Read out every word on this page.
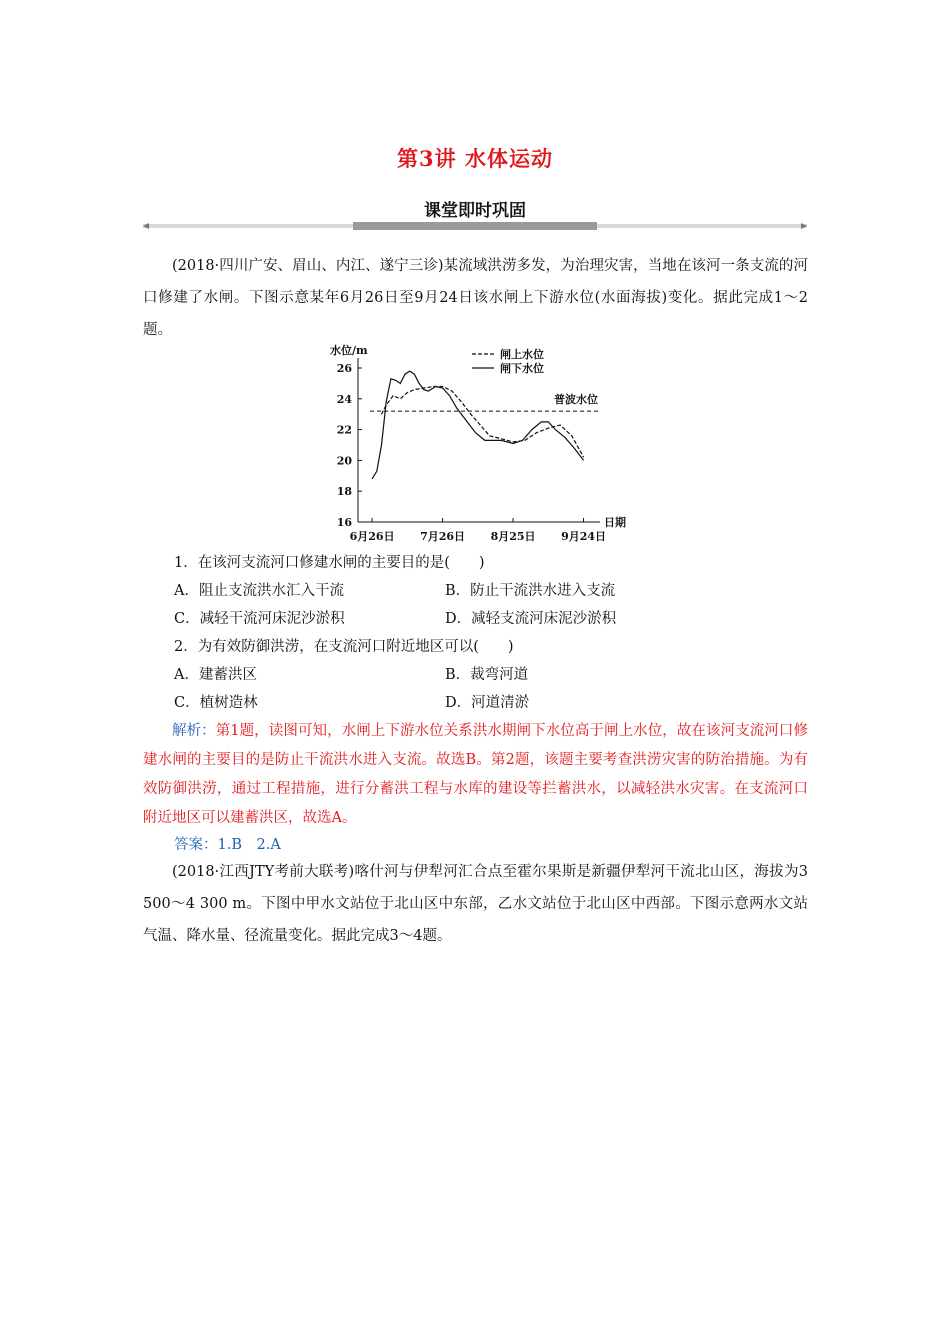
第3讲 水体运动
课堂即时巩固

(2018·四川广安、眉山、内江、遂宁三诊)某流域洪涝多发，为治理灾害，当地在该河一条支流的河口修建了水闸。下图示意某年6月26日至9月24日该水闸上下游水位(水面海拔)变化。据此完成1～2题。

水位/m
日期
16
18
20
22
24
26
6月26日 7月26日 8月25日 9月24日
普波水位
闸上水位
闸下水位

1．在该河支流河口修建水闸的主要目的是(　　)

A．阻止支流洪水汇入干流	B．防止干流洪水进入支流
C．减轻干流河床泥沙淤积	D．减轻支流河床泥沙淤积

2．为有效防御洪涝，在支流河口附近地区可以(　　)

A．建蓄洪区	B．裁弯河道
C．植树造林	D．河道清淤

解析：第1题，读图可知，水闸上下游水位关系洪水期闸下水位高于闸上水位，故在该河支流河口修建水闸的主要目的是防止干流洪水进入支流。故选B。第2题，该题主要考查洪涝灾害的防治措施。为有效防御洪涝，通过工程措施，进行分蓄洪工程与水库的建设等拦蓄洪水，以减轻洪水灾害。在支流河口附近地区可以建蓄洪区，故选A。

答案：1.B　2.A

(2018·江西JTY考前大联考)喀什河与伊犁河汇合点至霍尔果斯是新疆伊犁河干流北山区，海拔为3 500～4 300 m。下图中甲水文站位于北山区中东部，乙水文站位于北山区中西部。下图示意两水文站气温、降水量、径流量变化。据此完成3～4题。
